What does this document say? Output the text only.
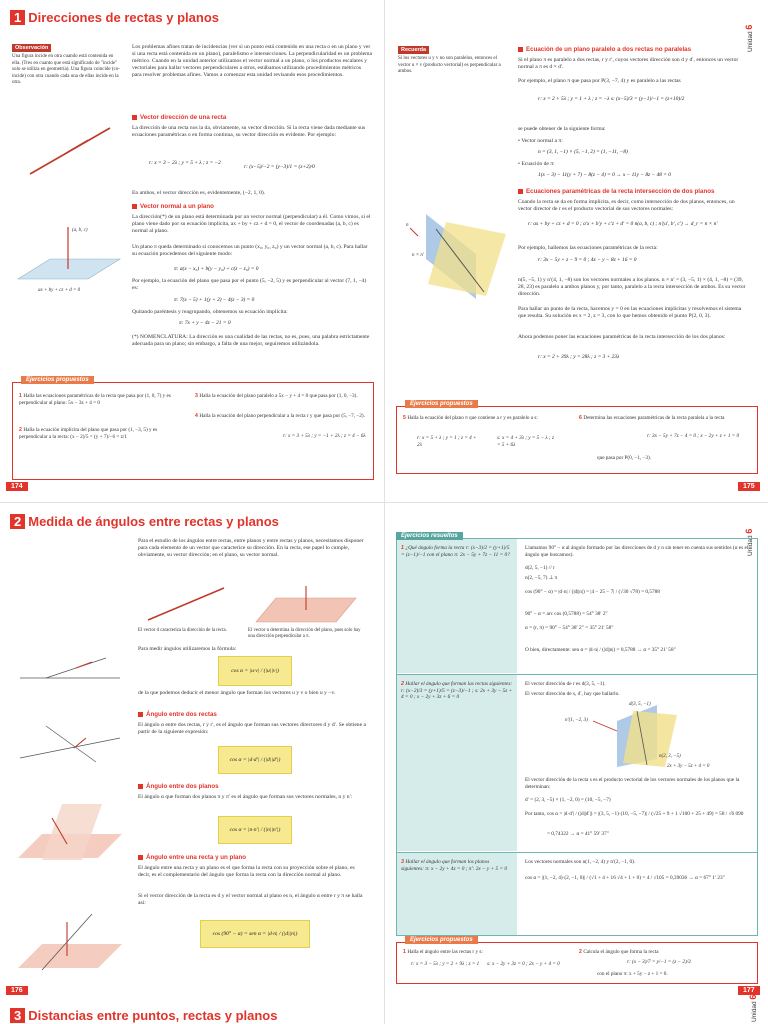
1 Direcciones de rectas y planos
Observación
Una figura incide en otra cuando está contenida en ella. (Tres en cuanto que está significado de "incide" solo se utiliza en geometría). Una figura coincide (co-incide) con otra cuando cada una de ellas incide en la otra.
Los problemas afines tratan de incidencias (ver si un punto está contenido en una recta o en un plano y ver si una recta está contenida en un plano), paralelismo e intersecciones. La perpendicularidad es un problema métrico. Cuando en la unidad anterior utilizamos el vector normal a un plano, o los productos escalares y vectoriales para hallar vectores perpendiculares a otros, estábamos utilizando procedimientos métricos para resolver problemas afines. Vamos a comenzar esta unidad revisando esos procedimientos.
Vector dirección de una recta
La dirección de una recta nos la da, obviamente, su vector dirección. Si la recta viene dada mediante sus ecuaciones paramétricas o en forma continua, su vector dirección es evidente. Por ejemplo:
r: x = 3 − 2λ ; y = 5 + λ ; z = −2
r: (x−5)/−2 = (y−3)/1 = (z+2)/0
En ambos, el vector dirección es, evidentemente, (−2, 1, 0).
Vector normal a un plano
La dirección(*) de un plano está determinada por un vector normal (perpendicular) a él. Como vimos, si el plano viene dado por su ecuación implícita, ax + by + cz + d = 0, el vector de coordenadas (a, b, c) es normal al plano.
Un plano π queda determinado si conocemos un punto (x₀, y₀, z₀) y un vector normal (a, b, c). Para hallar su ecuación procedemos del siguiente modo:
π: a(x − x₀) + b(y − y₀) + c(z − z₀) = 0
Por ejemplo, la ecuación del plano que pasa por el punto (5, −2, 5) y es perpendicular al vector (7, 1, −4) es:
π: 7(x − 5) + 1(y + 2) − 4(z − 3) = 0
Quitando paréntesis y reagrupando, obtenemos su ecuación implícita:
π: 7x + y − 4z − 21 = 0
(*) NOMENCLATURA: La dirección es una cualidad de las rectas, no es, pues, una palabra estrictamente adecuada para un plano; sin embargo, a falta de una mejor, seguiremos utilizándola.
(a, b, c)
ax + by + cz + d = 0
Ejercicios propuestos
1 Halla las ecuaciones paramétricas de la recta que pasa por (1, 0, 7) y es perpendicular al plano: 5x − 3z + 4 = 0
2 Halla la ecuación implícita del plano que pasa por (1, −3, 5) y es perpendicular a la recta: (x − 2)/5 = (y + 7)/−6 = z/1
3 Halla la ecuación del plano paralelo a 5x − y + 4 = 0 que pasa por (1, 0, −3).
4 Halla la ecuación del plano perpendicular a la recta r y que pasa por (5, −7, −2).
r: x = 3 + 5λ ; y = −1 + 2λ ; z = 4 − 6λ
174
Unidad 6
Recuerda
Si los vectores u y v no son paralelos, entonces el vector u × v (producto vectorial) es perpendicular a ambos.
Ecuación de un plano paralelo a dos rectas no paralelas
Si el plano π es paralelo a dos rectas, r y r′, cuyos vectores dirección son d y d′, entonces un vector normal a π es d × d′.
Por ejemplo, el plano π que pasa por P(3, −7, 4) y es paralelo a las rectas
r: x = 2 + 5λ ; y = 1 + λ ; z = −λ s: (x−5)/3 = (y−1)/−1 = (z+10)/2
se puede obtener de la siguiente forma:
• Vector normal a π:
n = (3, 1, −1) × (5, −1, 2) = (1, −11, −8)
• Ecuación de π:
1(x − 3) − 11(y + 7) − 8(z − 4) = 0 → x − 11y − 8z − 48 = 0
Ecuaciones paramétricas de la recta intersección de dos planos
Cuando la recta se da en forma implícita, es decir, como intersección de dos planos, entonces, un vector director de r es el producto vectorial de sus vectores normales:
r: ax + by + cz + d = 0 ; a′x + b′y + c′z + d′ = 0 n(a, b, c) ; n′(a′, b′, c′) → d_r = n × n′
Por ejemplo, hallemos las ecuaciones paramétricas de la recta:
r: 3x − 5y + z − 9 = 0 ; 4x − y − 8z + 16 = 0
n(5, −5, 1) y n′(4, 1, −8) son los vectores normales a los planos. n × n′ = (3, −5, 1) × (4, 1, −8) = (39, 28, 23) es paralelo a ambos planos y, por tanto, paralelo a la recta intersección de ambos. Es su vector dirección.
Para hallar un punto de la recta, hacemos y = 0 en las ecuaciones implícitas y resolvemos el sistema que resulta. Su solución es x = 2, z = 3, con lo que hemos obtenido el punto P(2, 0, 3).
Ahora podemos poner las ecuaciones paramétricas de la recta intersección de los dos planos:
r: x = 2 + 39λ ; y = 28λ ; z = 3 + 23λ
n
n × n′
Ejercicios propuestos
5 Halla la ecuación del plano π que contiene a r y es paralelo a s:
r: x = 5 + λ ; y = 1 ; z = 4 + 2λ
s: x = 4 + 3λ ; y = 5 − λ ; z = 5 + 6λ
6 Determina las ecuaciones paramétricas de la recta paralela a la recta
r: 3x − 5y + 7z − 4 = 0 ; x − 2y + z + 1 = 0
que pasa por P(0, −1, −3).
175
2 Medida de ángulos entre rectas y planos
Para el estudio de los ángulos entre rectas, entre planos y entre rectas y planos, necesitamos disponer para cada elemento de un vector que caracterice su dirección. En la recta, ese papel lo cumple, obviamente, su vector dirección; en el plano, su vector normal.
El vector d caracteriza la dirección de la recta.	El vector n determina la dirección del plano, pues solo hay una dirección perpendicular a π.
Para medir ángulos utilizaremos la fórmula:
cos α = |u·v| / (|u||v|)
de la que podemos deducir el menor ángulo que forman los vectores u y v o bien u y −v.
Ángulo entre dos rectas
El ángulo α entre dos rectas, r y r′, es el ángulo que forman sus vectores directores d y d′. Se obtiene a partir de la siguiente expresión:
cos α = |d·d′| / (|d||d′|)
Ángulo entre dos planos
El ángulo α que forman dos planos π y π′ es el ángulo que forman sus vectores normales, n y n′:
cos α = |n·n′| / (|n||n′|)
Ángulo entre una recta y un plano
El ángulo entre una recta y un plano es el que forma la recta con su proyección sobre el plano, es decir, es el complementario del ángulo que forma la recta con la dirección normal al plano.
Si el vector dirección de la recta es d y el vector normal al plano es n, el ángulo α entre r y π se halla así:
cos (90° − α) = sen α = |d·n| / (|d||n|)
176
Unidad 6
1 ¿Qué ángulo forma la recta r: (x−3)/2 = (y+1)/5 = (z−1)/−1 con el plano π: 2x − 5y + 7z − 11 = 0?
Llamamos 90° − α al ángulo formado por las direcciones de d y n sin tener en cuenta sus sentidos (α es el ángulo que buscamos).
d(2, 5, −1) // r
n(2, −5, 7) ⊥ π
cos (90° − α) = |d·n| / (|d||n|) = |4 − 25 − 7| / (√30 √78) = 0,5788
90° − α = arc cos (0,5788) = 54° 38′ 2″
α = (r, π) = 90° − 54° 38′ 2″ = 35° 21′ 58″
O bien, directamente: sen α = |d·n| / (|d||n|) = 0,5788 → α = 35° 21′ 58″
2 Hallar el ángulo que forman las rectas siguientes: r: (x−2)/3 = (y+1)/5 = (z−3)/−1 ; s: 2x + 3y − 5z + 4 = 0 ; x − 2y + 3z + 6 = 0
El vector dirección de r es d(3, 5, −1).
El vector dirección de s, d′, hay que hallarlo.
d(3, 5, −1)
n′(1, −2, 3)
n(2, 3, −5)
2x + 3y − 5z + 4 = 0
El vector dirección de la recta s es el producto vectorial de los vectores normales de los planos que la determinan:
d′ = (2, 3, −5) × (1, −2, 0) = (10, −5, −7)
Por tanto, cos α = |d·d′| / (|d||d′|) = |(3, 5, −1)·(10, −5, −7)| / (√25 + 9 + 1 √100 + 25 + 49) = 58 / √6 090
= 0,74322 → α = 41° 59′ 37″
3 Hallar el ángulo que forman los planos siguientes: π: x − 2y + 4z = 0 ; π′: 2x − y + 5 = 0
Los vectores normales son n(1, −2, 4) y n′(2, −1, 0).
cos α = |(1, −2, 4)·(2, −1, 0)| / (√1 + 4 + 16 √4 + 1 + 0) = 4 / √105 = 0,39036 → α = 67° 1′ 23″
Ejercicios resueltos
Ejercicios propuestos
1 Halla el ángulo entre las rectas r y s:
r: x = 3 − 5λ ; y = 2 + 9λ ; z = 1	s: x − 2y + 3z = 0 ; 2x − y + 4 = 0
2 Calcula el ángulo que forma la recta
r: (x − 3)/7 = y/−1 = (z − 2)/3
con el plano π: x + 5y − z + 1 = 0.
177
3 Distancias entre puntos, rectas y planos	Unidad 6
